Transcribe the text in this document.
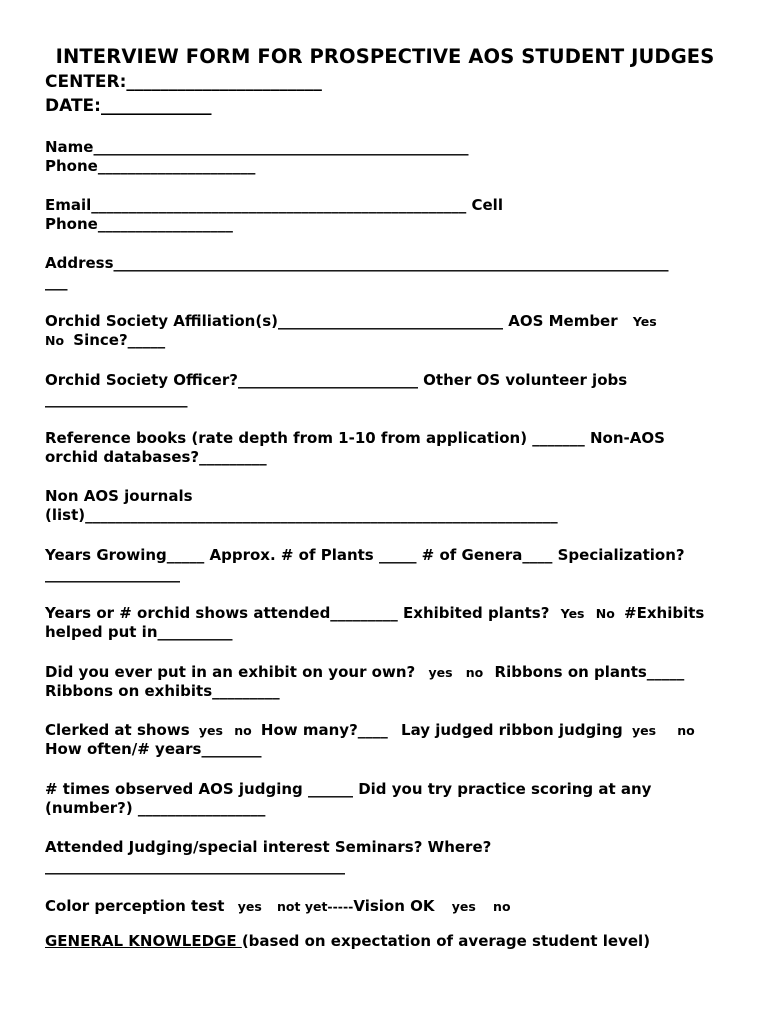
INTERVIEW FORM FOR PROSPECTIVE AOS STUDENT JUDGES
CENTER:_______________________
DATE:_____________
Name__________________________________________________
Phone_____________________
Email__________________________________________________ Cell
Phone__________________
Address__________________________________________________________________________
___
Orchid Society Affiliation(s)______________________________ AOS Member Yes
No Since?_____
Orchid Society Officer?________________________ Other OS volunteer jobs
___________________
Reference books (rate depth from 1-10 from application) _______ Non-AOS
orchid databases?_________
Non AOS journals
(list)_______________________________________________________________
Years Growing_____ Approx. # of Plants _____ # of Genera____ Specialization?
__________________
Years or # orchid shows attended_________ Exhibited plants? Yes No #Exhibits
helped put in__________
Did you ever put in an exhibit on your own? yes no Ribbons on plants_____
Ribbons on exhibits_________
Clerked at shows yes no How many?____ Lay judged ribbon judging yes no
How often/# years________
# times observed AOS judging ______ Did you try practice scoring at any
(number?) _________________
Attended Judging/special interest Seminars? Where?
________________________________________
Color perception test yes not yet-----Vision OK yes no
GENERAL KNOWLEDGE (based on expectation of average student level)
